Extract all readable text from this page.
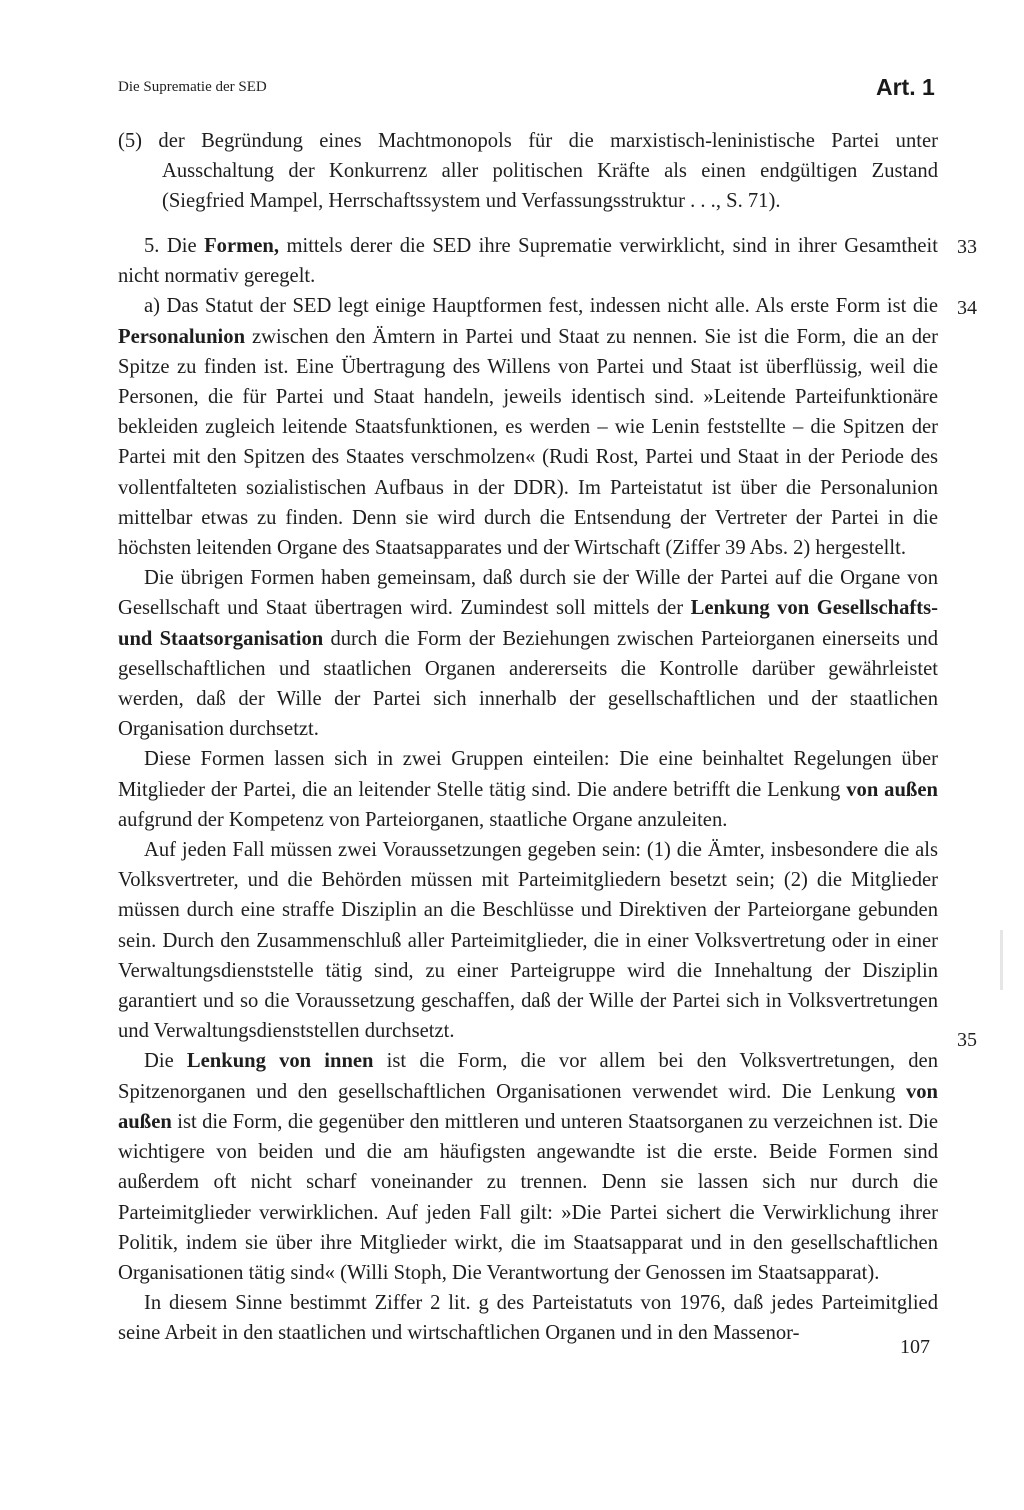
Die Suprematie der SED	Art. 1
(5) der Begründung eines Machtmonopols für die marxistisch-leninistische Partei unter Ausschaltung der Konkurrenz aller politischen Kräfte als einen endgültigen Zustand (Siegfried Mampel, Herrschaftssystem und Verfassungsstruktur . . ., S. 71).

5. Die Formen, mittels derer die SED ihre Suprematie verwirklicht, sind in ihrer Gesamtheit nicht normativ geregelt.

a) Das Statut der SED legt einige Hauptformen fest, indessen nicht alle. Als erste Form ist die Personalunion zwischen den Ämtern in Partei und Staat zu nennen. Sie ist die Form, die an der Spitze zu finden ist. Eine Übertragung des Willens von Partei und Staat ist überflüssig, weil die Personen, die für Partei und Staat handeln, jeweils identisch sind. »Leitende Parteifunktionäre bekleiden zugleich leitende Staatsfunktionen, es werden – wie Lenin feststellte – die Spitzen der Partei mit den Spitzen des Staates verschmolzen« (Rudi Rost, Partei und Staat in der Periode des vollentfalteten sozialistischen Aufbaus in der DDR). Im Parteistatut ist über die Personalunion mittelbar etwas zu finden. Denn sie wird durch die Entsendung der Vertreter der Partei in die höchsten leitenden Organe des Staatsapparates und der Wirtschaft (Ziffer 39 Abs. 2) hergestellt.

Die übrigen Formen haben gemeinsam, daß durch sie der Wille der Partei auf die Organe von Gesellschaft und Staat übertragen wird. Zumindest soll mittels der Lenkung von Gesellschafts- und Staatsorganisation durch die Form der Beziehungen zwischen Parteiorganen einerseits und gesellschaftlichen und staatlichen Organen andererseits die Kontrolle darüber gewährleistet werden, daß der Wille der Partei sich innerhalb der gesellschaftlichen und der staatlichen Organisation durchsetzt.

Diese Formen lassen sich in zwei Gruppen einteilen: Die eine beinhaltet Regelungen über Mitglieder der Partei, die an leitender Stelle tätig sind. Die andere betrifft die Lenkung von außen aufgrund der Kompetenz von Parteiorganen, staatliche Organe anzuleiten.

Auf jeden Fall müssen zwei Voraussetzungen gegeben sein: (1) die Ämter, insbesondere die als Volksvertreter, und die Behörden müssen mit Parteimitgliedern besetzt sein; (2) die Mitglieder müssen durch eine straffe Disziplin an die Beschlüsse und Direktiven der Parteiorgane gebunden sein. Durch den Zusammenschluß aller Parteimitglieder, die in einer Volksvertretung oder in einer Verwaltungsdienststelle tätig sind, zu einer Parteigruppe wird die Innehaltung der Disziplin garantiert und so die Voraussetzung geschaffen, daß der Wille der Partei sich in Volksvertretungen und Verwaltungsdienststellen durchsetzt.

Die Lenkung von innen ist die Form, die vor allem bei den Volksvertretungen, den Spitzenorganen und den gesellschaftlichen Organisationen verwendet wird. Die Lenkung von außen ist die Form, die gegenüber den mittleren und unteren Staatsorganen zu verzeichnen ist. Die wichtigere von beiden und die am häufigsten angewandte ist die erste. Beide Formen sind außerdem oft nicht scharf voneinander zu trennen. Denn sie lassen sich nur durch die Parteimitglieder verwirklichen. Auf jeden Fall gilt: »Die Partei sichert die Verwirklichung ihrer Politik, indem sie über ihre Mitglieder wirkt, die im Staatsapparat und in den gesellschaftlichen Organisationen tätig sind« (Willi Stoph, Die Verantwortung der Genossen im Staatsapparat).

In diesem Sinne bestimmt Ziffer 2 lit. g des Parteistatuts von 1976, daß jedes Parteimitglied seine Arbeit in den staatlichen und wirtschaftlichen Organen und in den Massenor-

33
34
35
107
